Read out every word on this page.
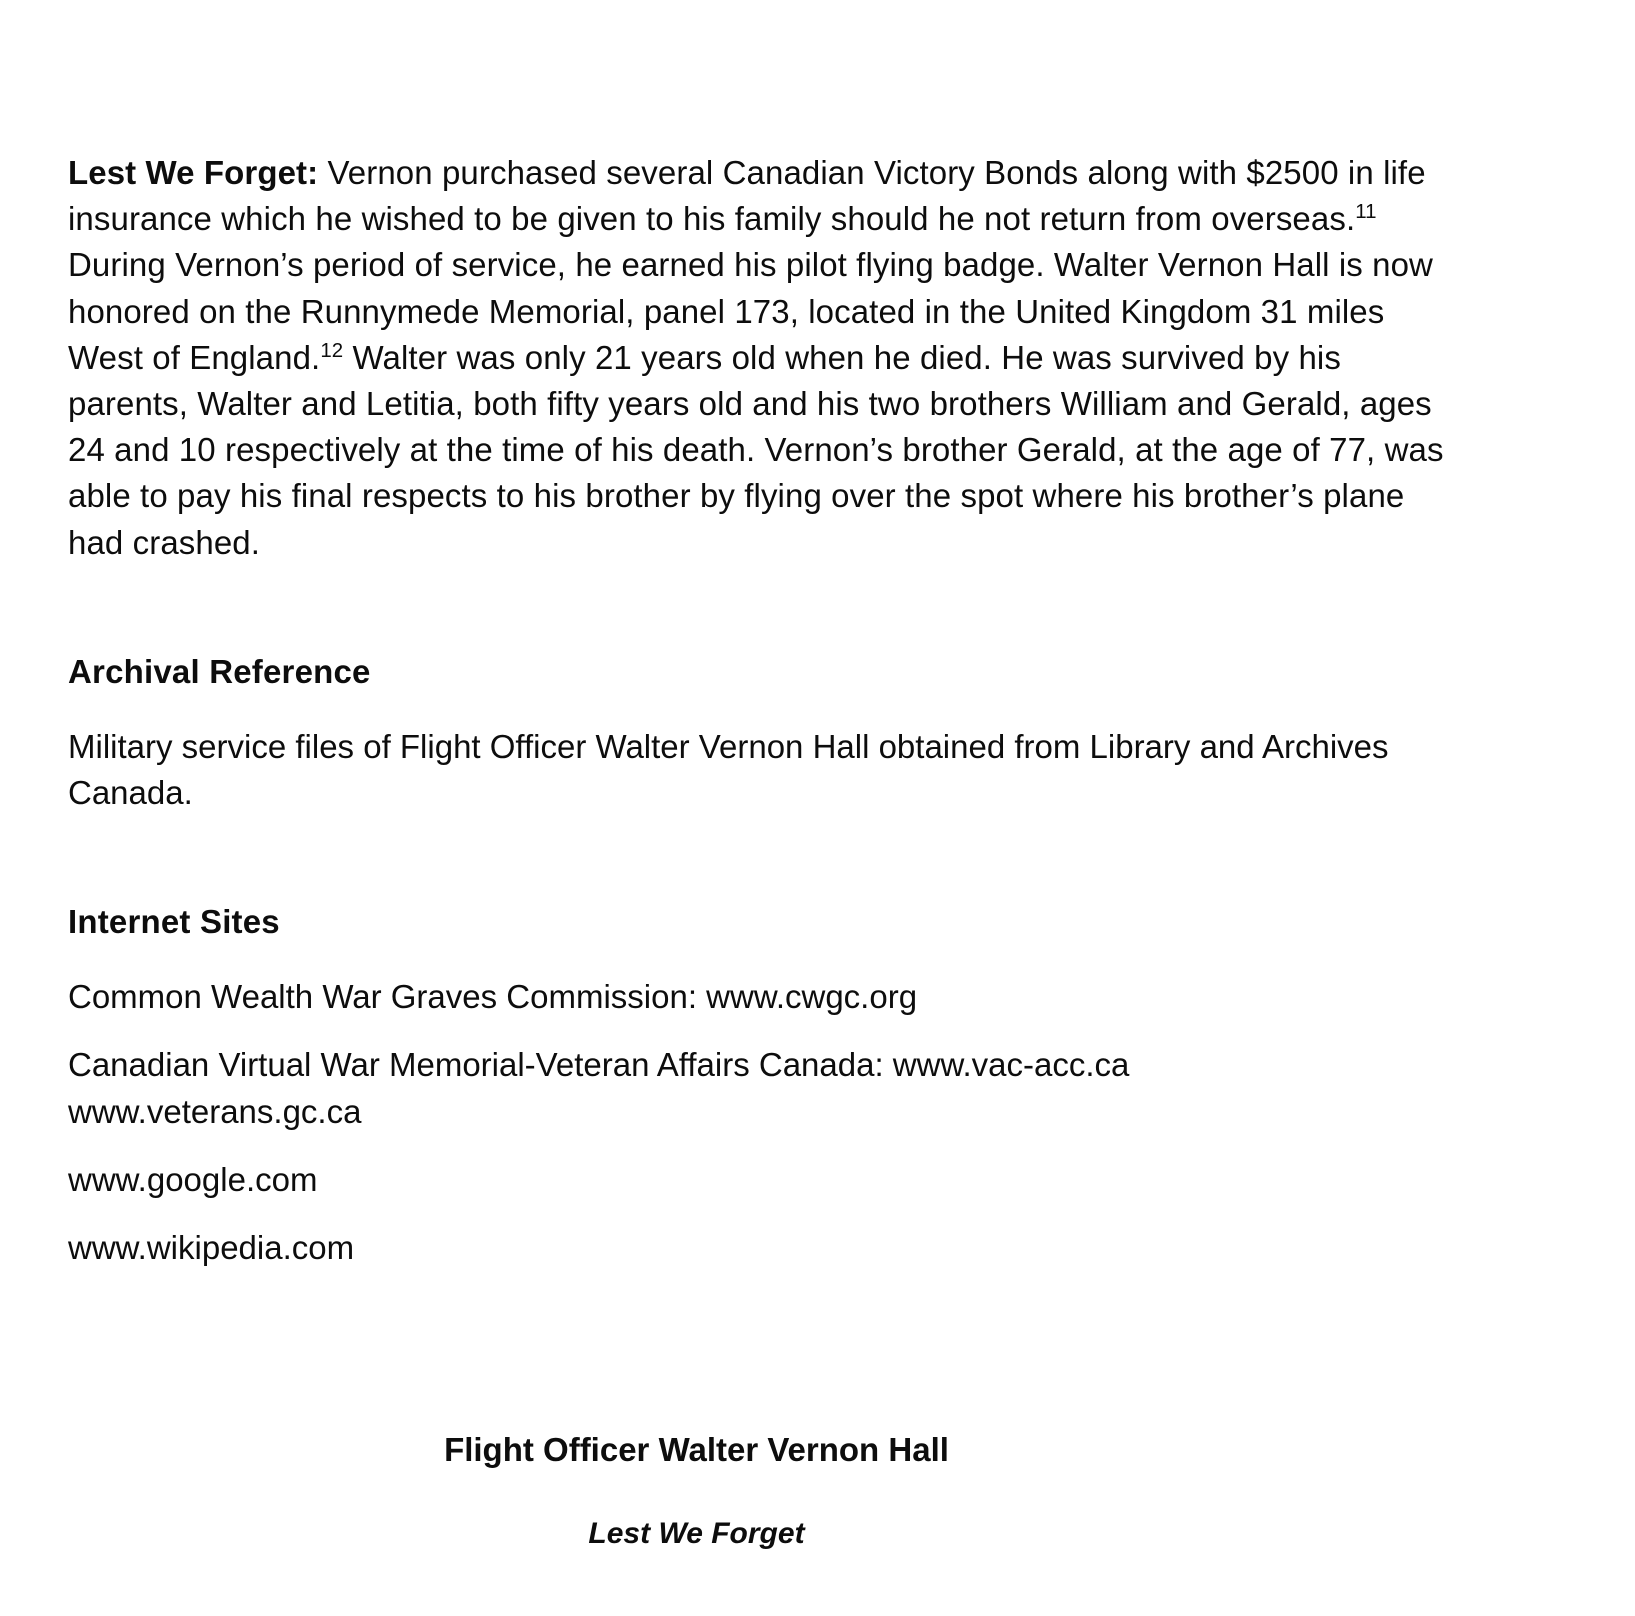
Lest We Forget: Vernon purchased several Canadian Victory Bonds along with $2500 in life insurance which he wished to be given to his family should he not return from overseas.$^{11}$ During Vernon’s period of service, he earned his pilot flying badge. Walter Vernon Hall is now honored on the Runnymede Memorial, panel 173, located in the United Kingdom 31 miles West of England.$^{12}$ Walter was only 21 years old when he died. He was survived by his parents, Walter and Letitia, both fifty years old and his two brothers William and Gerald, ages 24 and 10 respectively at the time of his death. Vernon’s brother Gerald, at the age of 77, was able to pay his final respects to his brother by flying over the spot where his brother’s plane had crashed.

Archival Reference

Military service files of Flight Officer Walter Vernon Hall obtained from Library and Archives Canada.

Internet Sites

Common Wealth War Graves Commission: www.cwgc.org

Canadian Virtual War Memorial-Veteran Affairs Canada: www.vac-acc.cawww.veterans.gc.ca

www.google.com

www.wikipedia.com

Flight Officer Walter Vernon Hall

Lest We Forget
